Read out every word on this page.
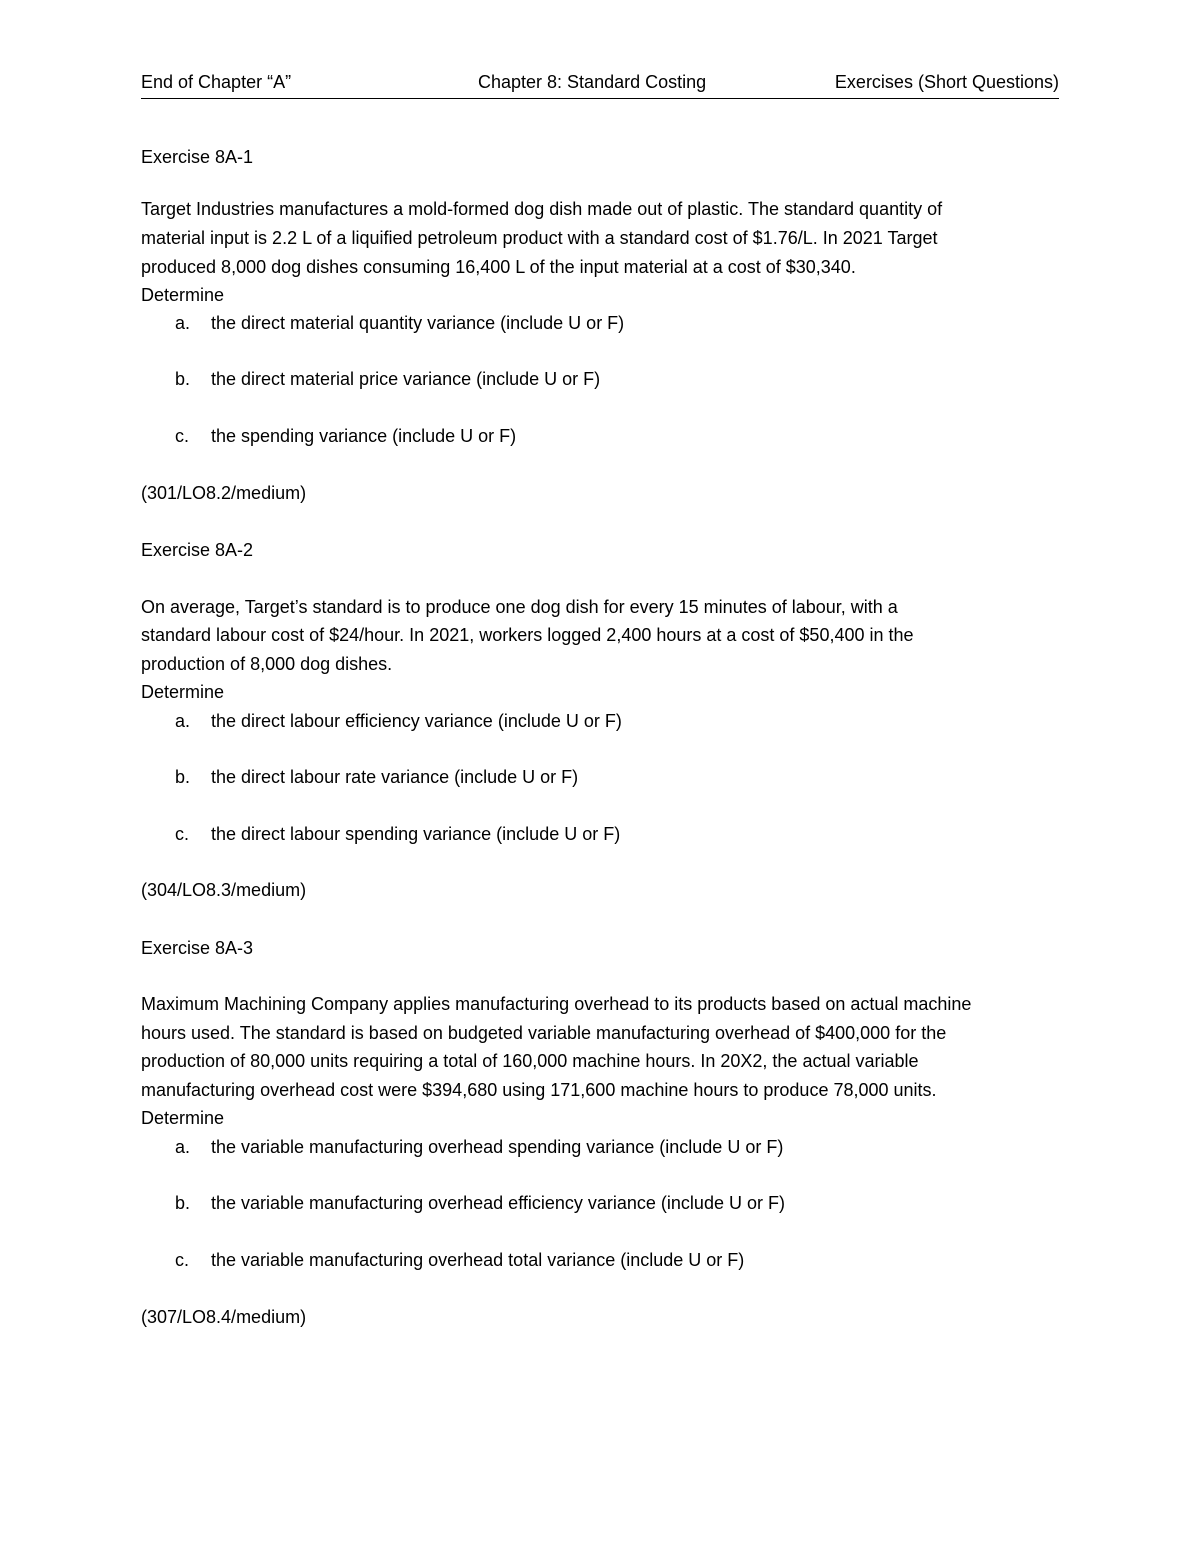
End of Chapter “A”	Chapter 8: Standard Costing	Exercises (Short Questions)
Exercise 8A-1
Target Industries manufactures a mold-formed dog dish made out of plastic. The standard quantity of
material input is 2.2 L of a liquified petroleum product with a standard cost of $1.76/L. In 2021 Target
produced 8,000 dog dishes consuming 16,400 L of the input material at a cost of $30,340.
Determine
a. the direct material quantity variance (include U or F)
b. the direct material price variance (include U or F)
c. the spending variance (include U or F)
(301/LO8.2/medium)
Exercise 8A-2
On average, Target’s standard is to produce one dog dish for every 15 minutes of labour, with a
standard labour cost of $24/hour. In 2021, workers logged 2,400 hours at a cost of $50,400 in the
production of 8,000 dog dishes.
Determine
a. the direct labour efficiency variance (include U or F)
b. the direct labour rate variance (include U or F)
c. the direct labour spending variance (include U or F)
(304/LO8.3/medium)
Exercise 8A-3
Maximum Machining Company applies manufacturing overhead to its products based on actual machine
hours used. The standard is based on budgeted variable manufacturing overhead of $400,000 for the
production of 80,000 units requiring a total of 160,000 machine hours. In 20X2, the actual variable
manufacturing overhead cost were $394,680 using 171,600 machine hours to produce 78,000 units.
Determine
a. the variable manufacturing overhead spending variance (include U or F)
b. the variable manufacturing overhead efficiency variance (include U or F)
c. the variable manufacturing overhead total variance (include U or F)
(307/LO8.4/medium)
